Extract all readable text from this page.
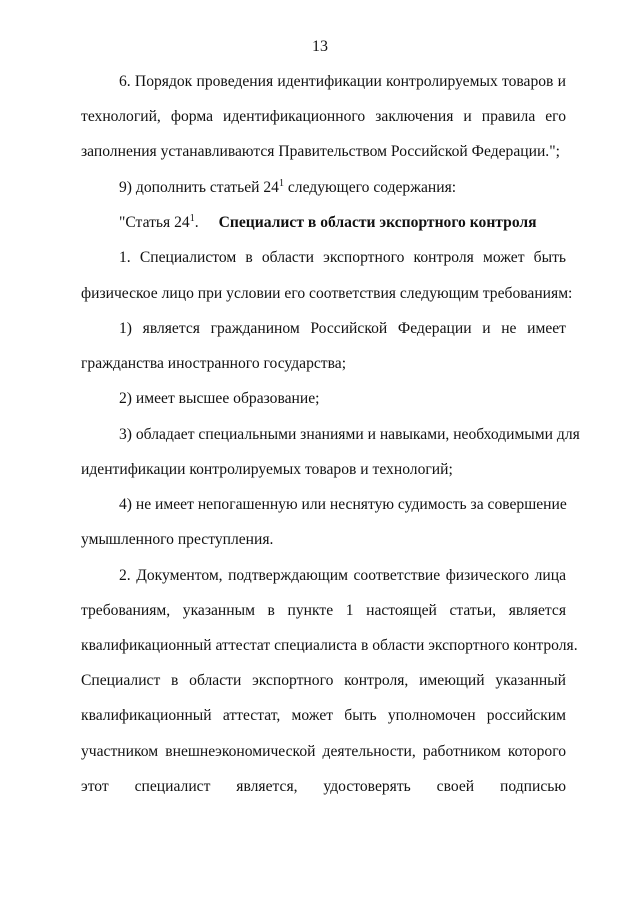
13
6. Порядок проведения идентификации контролируемых товаров и
технологий, форма идентификационного заключения и правила его
заполнения устанавливаются Правительством Российской Федерации.";
9) дополнить статьей $24^1$ следующего содержания:
"Статья $24^1$. Специалист в области экспортного контроля
1. Специалистом в области экспортного контроля может быть
физическое лицо при условии его соответствия следующим требованиям:
1) является гражданином Российской Федерации и не имеет
гражданства иностранного государства;
2) имеет высшее образование;
3) обладает специальными знаниями и навыками, необходимыми для
идентификации контролируемых товаров и технологий;
4) не имеет непогашенную или неснятую судимость за совершение
умышленного преступления.
2. Документом, подтверждающим соответствие физического лица
требованиям, указанным в пункте 1 настоящей статьи, является
квалификационный аттестат специалиста в области экспортного контроля.
Специалист в области экспортного контроля, имеющий указанный
квалификационный аттестат, может быть уполномочен российским
участником внешнеэкономической деятельности, работником которого
этот специалист является, удостоверять своей подписью
